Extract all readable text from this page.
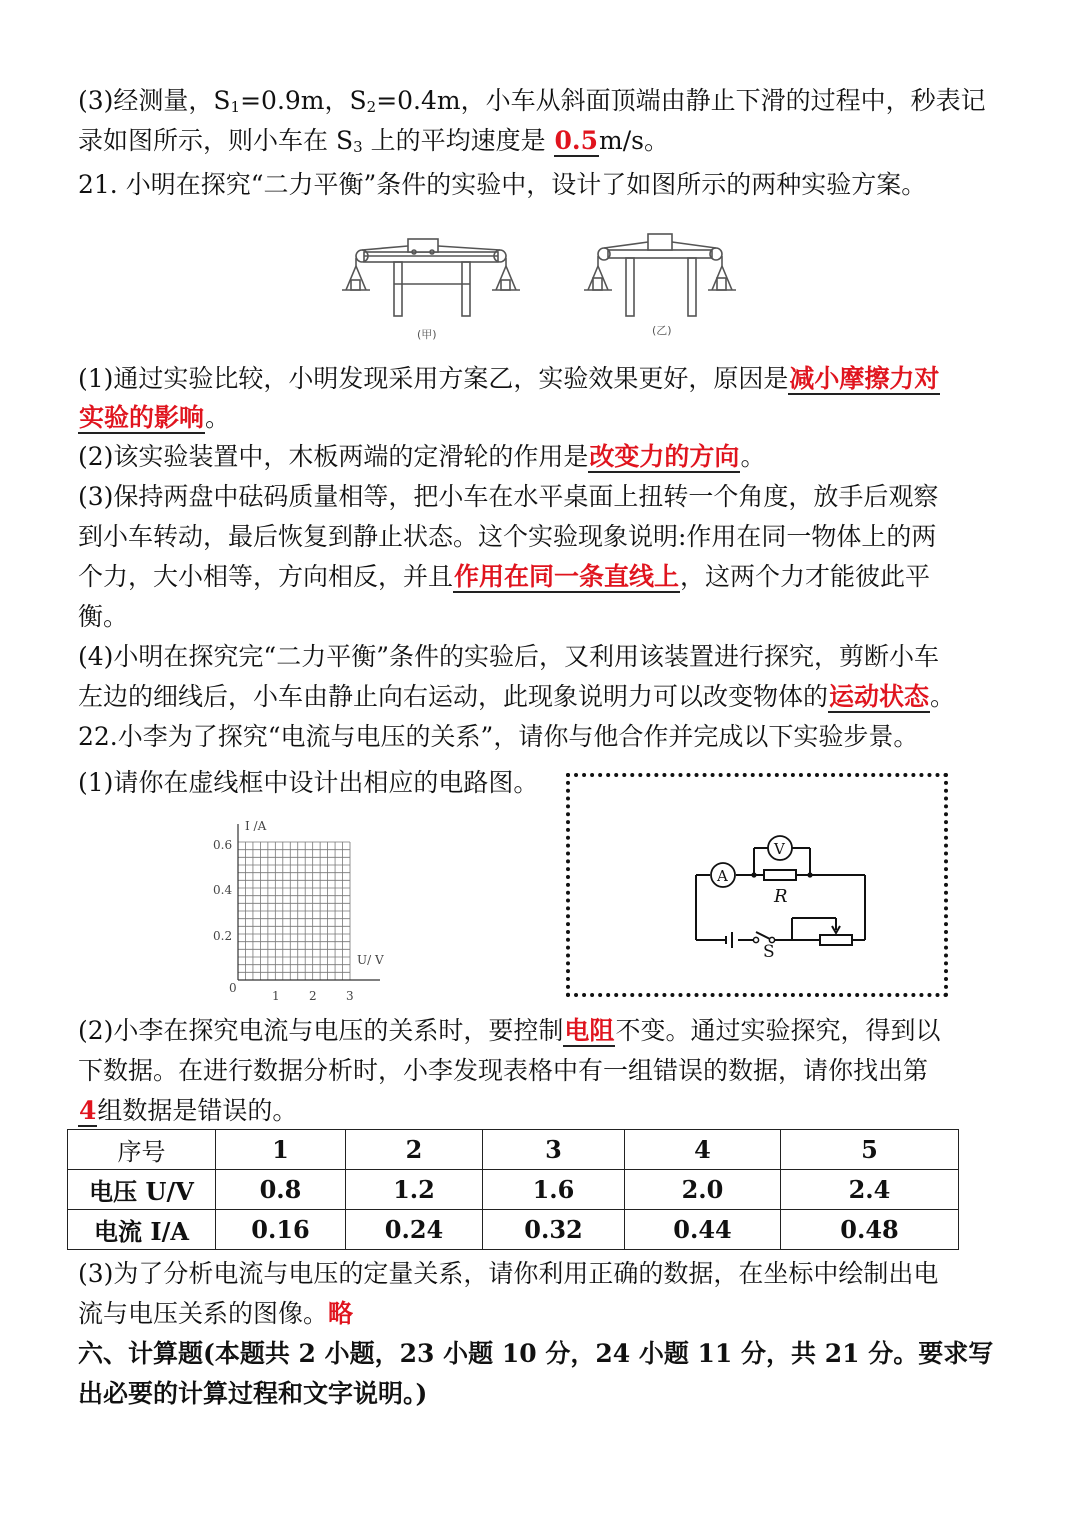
(3)经测量，$S_1=0.9m$，$S_2=0.4m$，小车从斜面顶端由静止下滑的过程中，秒表记
录如图所示，则小车在 $S_3$ 上的平均速度是 0.5m/s。
21. 小明在探究“二力平衡”条件的实验中，设计了如图所示的两种实验方案。
(甲)	(乙)
(1)通过实验比较，小明发现采用方案乙，实验效果更好，原因是减小摩擦力对
实验的影响。
(2)该实验装置中，木板两端的定滑轮的作用是改变力的方向。
(3)保持两盘中砝码质量相等，把小车在水平桌面上扭转一个角度，放手后观察
到小车转动，最后恢复到静止状态。这个实验现象说明:作用在同一物体上的两
个力，大小相等，方向相反，并且作用在同一条直线上，这两个力才能彼此平
衡。
(4)小明在探究完“二力平衡”条件的实验后，又利用该装置进行探究，剪断小车
左边的细线后，小车由静止向右运动，此现象说明力可以改变物体的运动状态。
22.小李为了探究“电流与电压的关系”，请你与他合作并完成以下实验步景。
(1)请你在虚线框中设计出相应的电路图。
I /A
U/ V
0.6
0.4
0.2
0
1 2 3
A
V
R
S
(2)小李在探究电流与电压的关系时，要控制电阻不变。通过实验探究，得到以
下数据。在进行数据分析时，小李发现表格中有一组错误的数据，请你找出第
4组数据是错误的。
序号	1	2	3	4	5
电压 U/V	0.8	1.2	1.6	2.0	2.4
电流 I/A	0.16	0.24	0.32	0.44	0.48
(3)为了分析电流与电压的定量关系，请你利用正确的数据，在坐标中绘制出电
流与电压关系的图像。略
六、计算题(本题共 2 小题，23 小题 10 分，24 小题 11 分，共 21 分。要求写
出必要的计算过程和文字说明。)
